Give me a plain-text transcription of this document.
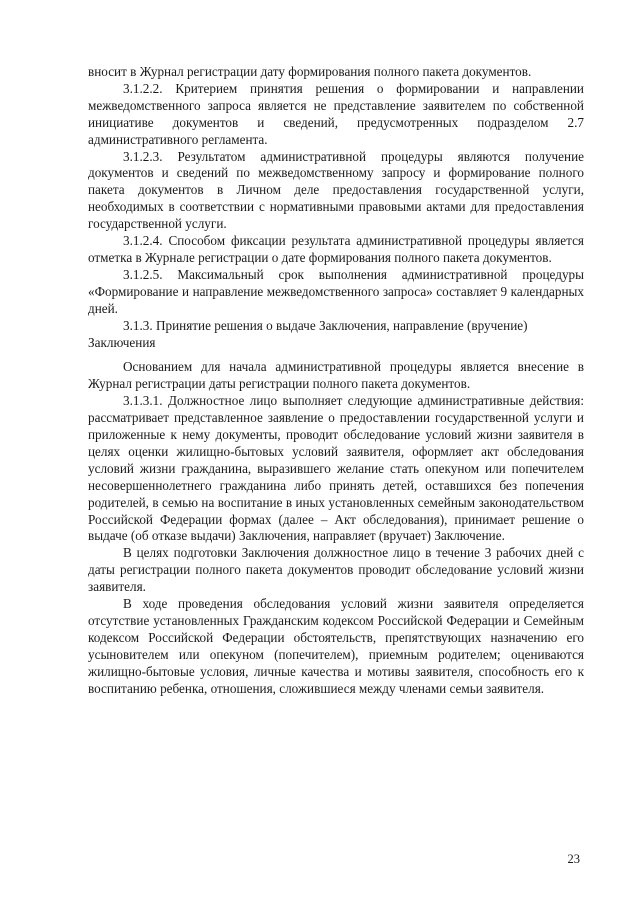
вносит в Журнал регистрации дату формирования полного пакета документов.

3.1.2.2. Критерием принятия решения о формировании и направлении межведомственного запроса является не представление заявителем по собственной инициативе документов и сведений, предусмотренных подразделом 2.7 административного регламента.

3.1.2.3. Результатом административной процедуры являются получение документов и сведений по межведомственному запросу и формирование полного пакета документов в Личном деле предоставления государственной услуги, необходимых в соответствии с нормативными правовыми актами для предоставления государственной услуги.

3.1.2.4. Способом фиксации результата административной процедуры является отметка в Журнале регистрации о дате формирования полного пакета документов.

3.1.2.5. Максимальный срок выполнения административной процедуры «Формирование и направление межведомственного запроса» составляет 9 календарных дней.

3.1.3. Принятие решения о выдаче Заключения, направление (вручение) Заключения

Основанием для начала административной процедуры является внесение в Журнал регистрации даты регистрации полного пакета документов.

3.1.3.1. Должностное лицо выполняет следующие административные действия: рассматривает представленное заявление о предоставлении государственной услуги и приложенные к нему документы, проводит обследование условий жизни заявителя в целях оценки жилищно-бытовых условий заявителя, оформляет акт обследования условий жизни гражданина, выразившего желание стать опекуном или попечителем несовершеннолетнего гражданина либо принять детей, оставшихся без попечения родителей, в семью на воспитание в иных установленных семейным законодательством Российской Федерации формах (далее – Акт обследования), принимает решение о выдаче (об отказе выдачи) Заключения, направляет (вручает) Заключение.

В целях подготовки Заключения должностное лицо в течение 3 рабочих дней с даты регистрации полного пакета документов проводит обследование условий жизни заявителя.

В ходе проведения обследования условий жизни заявителя определяется отсутствие установленных Гражданским кодексом Российской Федерации и Семейным кодексом Российской Федерации обстоятельств, препятствующих назначению его усыновителем или опекуном (попечителем), приемным родителем; оцениваются жилищно-бытовые условия, личные качества и мотивы заявителя, способность его к воспитанию ребенка, отношения, сложившиеся между членами семьи заявителя.

23
